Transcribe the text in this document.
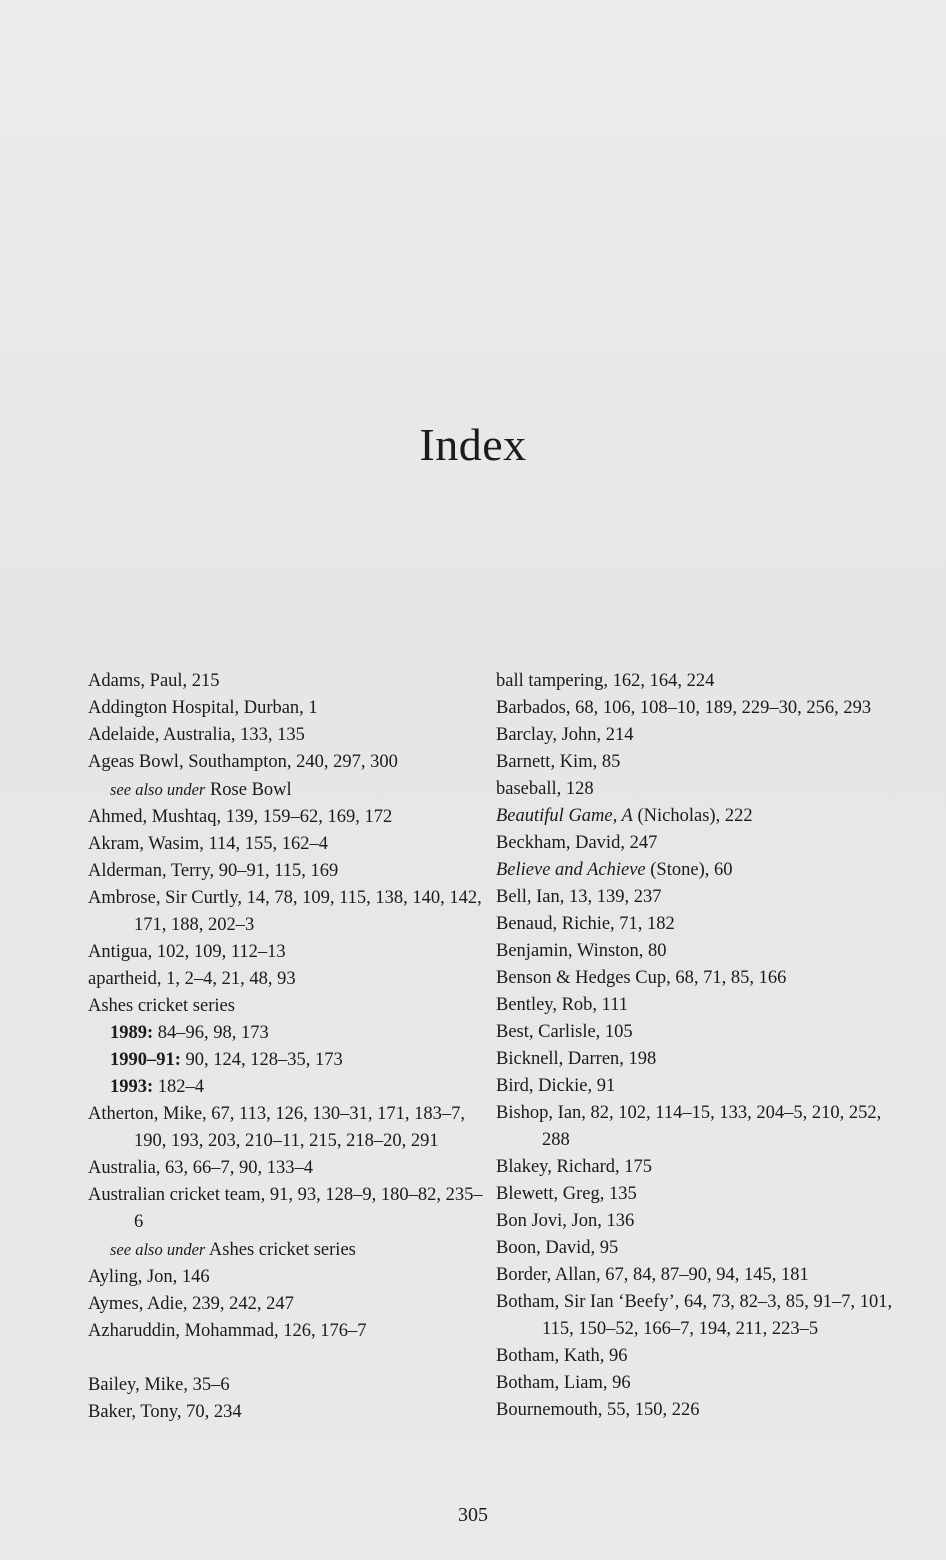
Index
Adams, Paul, 215
Addington Hospital, Durban, 1
Adelaide, Australia, 133, 135
Ageas Bowl, Southampton, 240, 297, 300
see also under Rose Bowl
Ahmed, Mushtaq, 139, 159–62, 169, 172
Akram, Wasim, 114, 155, 162–4
Alderman, Terry, 90–91, 115, 169
Ambrose, Sir Curtly, 14, 78, 109, 115, 138, 140, 142, 171, 188, 202–3
Antigua, 102, 109, 112–13
apartheid, 1, 2–4, 21, 48, 93
Ashes cricket series
1989: 84–96, 98, 173
1990–91: 90, 124, 128–35, 173
1993: 182–4
Atherton, Mike, 67, 113, 126, 130–31, 171, 183–7, 190, 193, 203, 210–11, 215, 218–20, 291
Australia, 63, 66–7, 90, 133–4
Australian cricket team, 91, 93, 128–9, 180–82, 235–6
see also under Ashes cricket series
Ayling, Jon, 146
Aymes, Adie, 239, 242, 247
Azharuddin, Mohammad, 126, 176–7
Bailey, Mike, 35–6
Baker, Tony, 70, 234
ball tampering, 162, 164, 224
Barbados, 68, 106, 108–10, 189, 229–30, 256, 293
Barclay, John, 214
Barnett, Kim, 85
baseball, 128
Beautiful Game, A (Nicholas), 222
Beckham, David, 247
Believe and Achieve (Stone), 60
Bell, Ian, 13, 139, 237
Benaud, Richie, 71, 182
Benjamin, Winston, 80
Benson & Hedges Cup, 68, 71, 85, 166
Bentley, Rob, 111
Best, Carlisle, 105
Bicknell, Darren, 198
Bird, Dickie, 91
Bishop, Ian, 82, 102, 114–15, 133, 204–5, 210, 252, 288
Blakey, Richard, 175
Blewett, Greg, 135
Bon Jovi, Jon, 136
Boon, David, 95
Border, Allan, 67, 84, 87–90, 94, 145, 181
Botham, Sir Ian ‘Beefy’, 64, 73, 82–3, 85, 91–7, 101, 115, 150–52, 166–7, 194, 211, 223–5
Botham, Kath, 96
Botham, Liam, 96
Bournemouth, 55, 150, 226
305
